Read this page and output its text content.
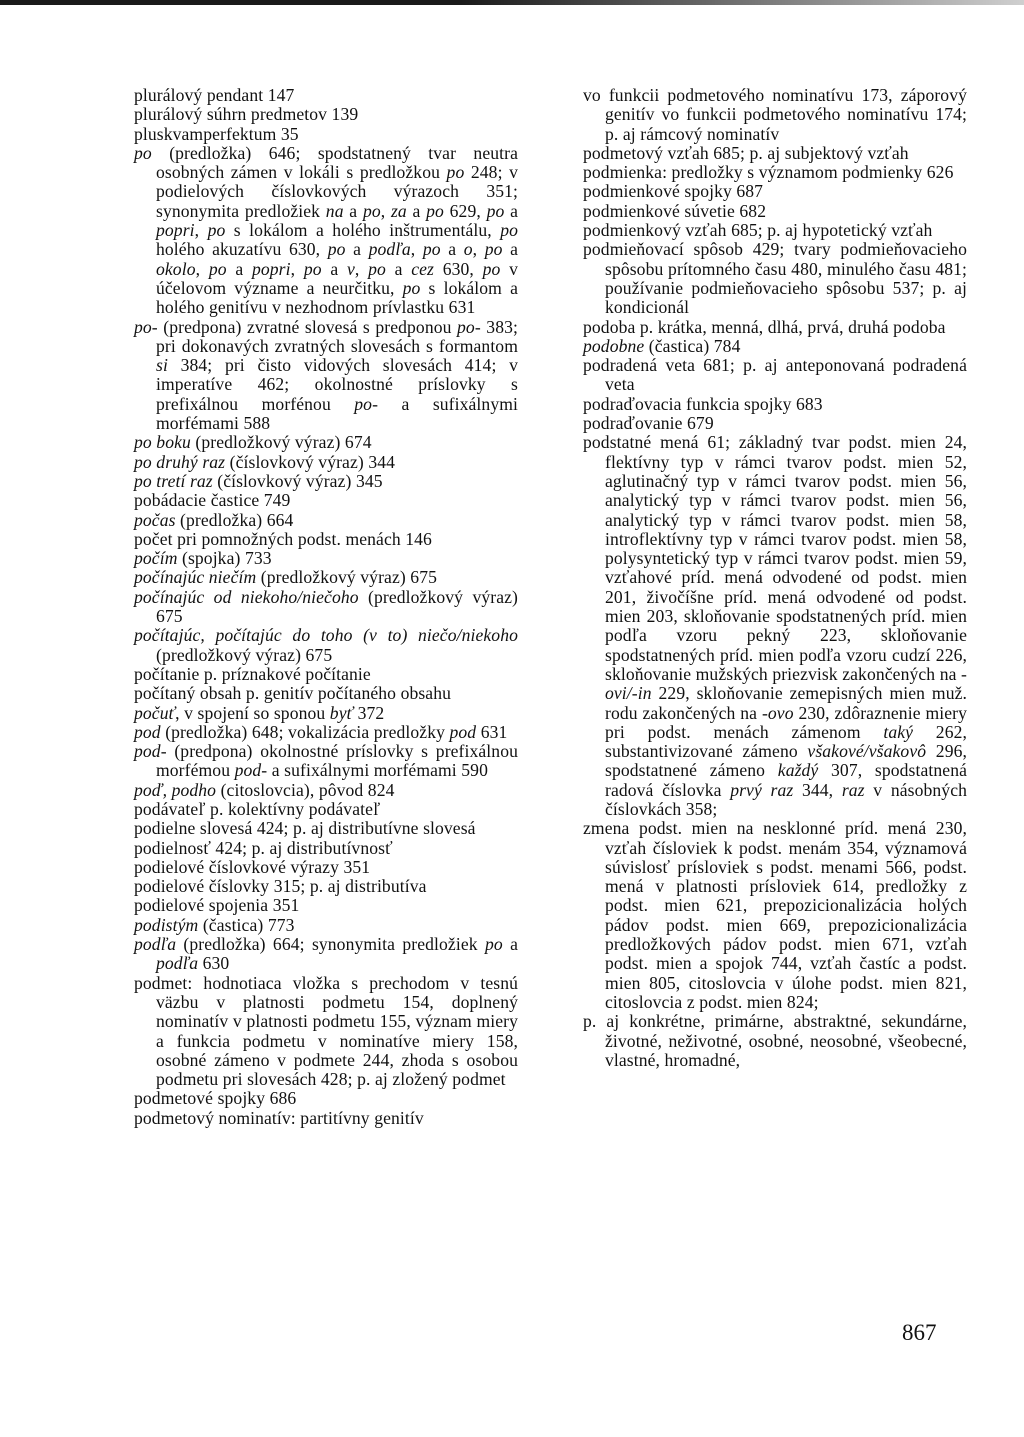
plurálový pendant 147

plurálový súhrn predmetov 139

pluskvamperfektum 35

po (predložka) 646; spodstatnený tvar neutra osobných zámen v lokáli s predložkou po 248; v podielových číslovkových výrazoch 351; synonymita predložiek na a po, za a po 629, po a popri, po s lokálom a holého inštrumentálu, po holého akuzatívu 630, po a podľa, po a o, po a okolo, po a popri, po a v, po a cez 630, po v účelovom význame a neurčitku, po s lokálom a holého genitívu v nezhodnom prívlastku 631

po- (predpona) zvratné slovesá s predponou po- 383; pri dokonavých zvratných slovesách s formantom si 384; pri čisto vidových slovesách 414; v imperatíve 462; okolnostné príslovky s prefixálnou morfénou po- a sufixálnymi morfémami 588

po boku (predložkový výraz) 674

po druhý raz (číslovkový výraz) 344

po tretí raz (číslovkový výraz) 345

pobádacie častice 749

počas (predložka) 664

počet pri pomnožných podst. menách 146

počím (spojka) 733

počínajúc niečím (predložkový výraz) 675

počínajúc od niekoho/niečoho (predložkový výraz) 675

počítajúc, počítajúc do toho (v to) niečo/niekoho (predložkový výraz) 675

počítanie p. príznakové počítanie

počítaný obsah p. genitív počítaného obsahu

počuť, v spojení so sponou byť 372

pod (predložka) 648; vokalizácia predložky pod 631

pod- (predpona) okolnostné príslovky s prefixálnou morfémou pod- a sufixálnymi morfémami 590

poď, podho (citoslovcia), pôvod 824

podávateľ p. kolektívny podávateľ

podielne slovesá 424; p. aj distributívne slovesá

podielnosť 424; p. aj distributívnosť

podielové číslovkové výrazy 351

podielové číslovky 315; p. aj distributíva

podielové spojenia 351

podistým (častica) 773

podľa (predložka) 664; synonymita predložiek po a podľa 630

podmet: hodnotiaca vložka s prechodom v tesnú väzbu v platnosti podmetu 154, doplnený nominatív v platnosti podmetu 155, význam miery a funkcia podmetu v nominatíve miery 158, osobné zámeno v podmete 244, zhoda s osobou podmetu pri slovesách 428; p. aj zložený podmet

podmetové spojky 686

podmetový nominatív: partitívny genitív

vo funkcii podmetového nominatívu 173, záporový genitív vo funkcii podmetového nominatívu 174; p. aj rámcový nominatív

podmetový vzťah 685; p. aj subjektový vzťah

podmienka: predložky s významom podmienky 626

podmienkové spojky 687

podmienkové súvetie 682

podmienkový vzťah 685; p. aj hypotetický vzťah

podmieňovací spôsob 429; tvary podmieňovacieho spôsobu prítomného času 480, minulého času 481; používanie podmieňovacieho spôsobu 537; p. aj kondicionál

podoba p. krátka, menná, dlhá, prvá, druhá podoba

podobne (častica) 784

podradená veta 681; p. aj anteponovaná podradená veta

podraďovacia funkcia spojky 683

podraďovanie 679

podstatné mená 61; základný tvar podst. mien 24, flektívny typ v rámci tvarov podst. mien 52, aglutinačný typ v rámci tvarov podst. mien 56, analytický typ v rámci tvarov podst. mien 56, analytický typ v rámci tvarov podst. mien 58, introflektívny typ v rámci tvarov podst. mien 58, polysyntetický typ v rámci tvarov podst. mien 59, vzťahové príd. mená odvodené od podst. mien 201, živočíšne príd. mená odvodené od podst. mien 203, skloňovanie spodstatnených príd. mien podľa vzoru pekný 223, skloňovanie spodstatnených príd. mien podľa vzoru cudzí 226, skloňovanie mužských priezvisk zakončených na -ovi/-in 229, skloňovanie zemepisných mien muž. rodu zakončených na -ovo 230, zdôraznenie miery pri podst. menách zámenom taký 262, substantivizované zámeno všakové/všakovô 296, spodstatnené zámeno každý 307, spodstatnená radová číslovka prvý raz 344, raz v násobných číslovkách 358;

zmena podst. mien na nesklonné príd. mená 230, vzťah čísloviek k podst. menám 354, významová súvislosť prísloviek s podst. menami 566, podst. mená v platnosti prísloviek 614, predložky z podst. mien 621, prepozicionalizácia holých pádov podst. mien 669, prepozicionalizácia predložkových pádov podst. mien 671, vzťah podst. mien a spojok 744, vzťah častíc a podst. mien 805, citoslovcia v úlohe podst. mien 821, citoslovcia z podst. mien 824;

p. aj konkrétne, primárne, abstraktné, sekundárne, životné, neživotné, osobné, neosobné, všeobecné, vlastné, hromadné,

867
